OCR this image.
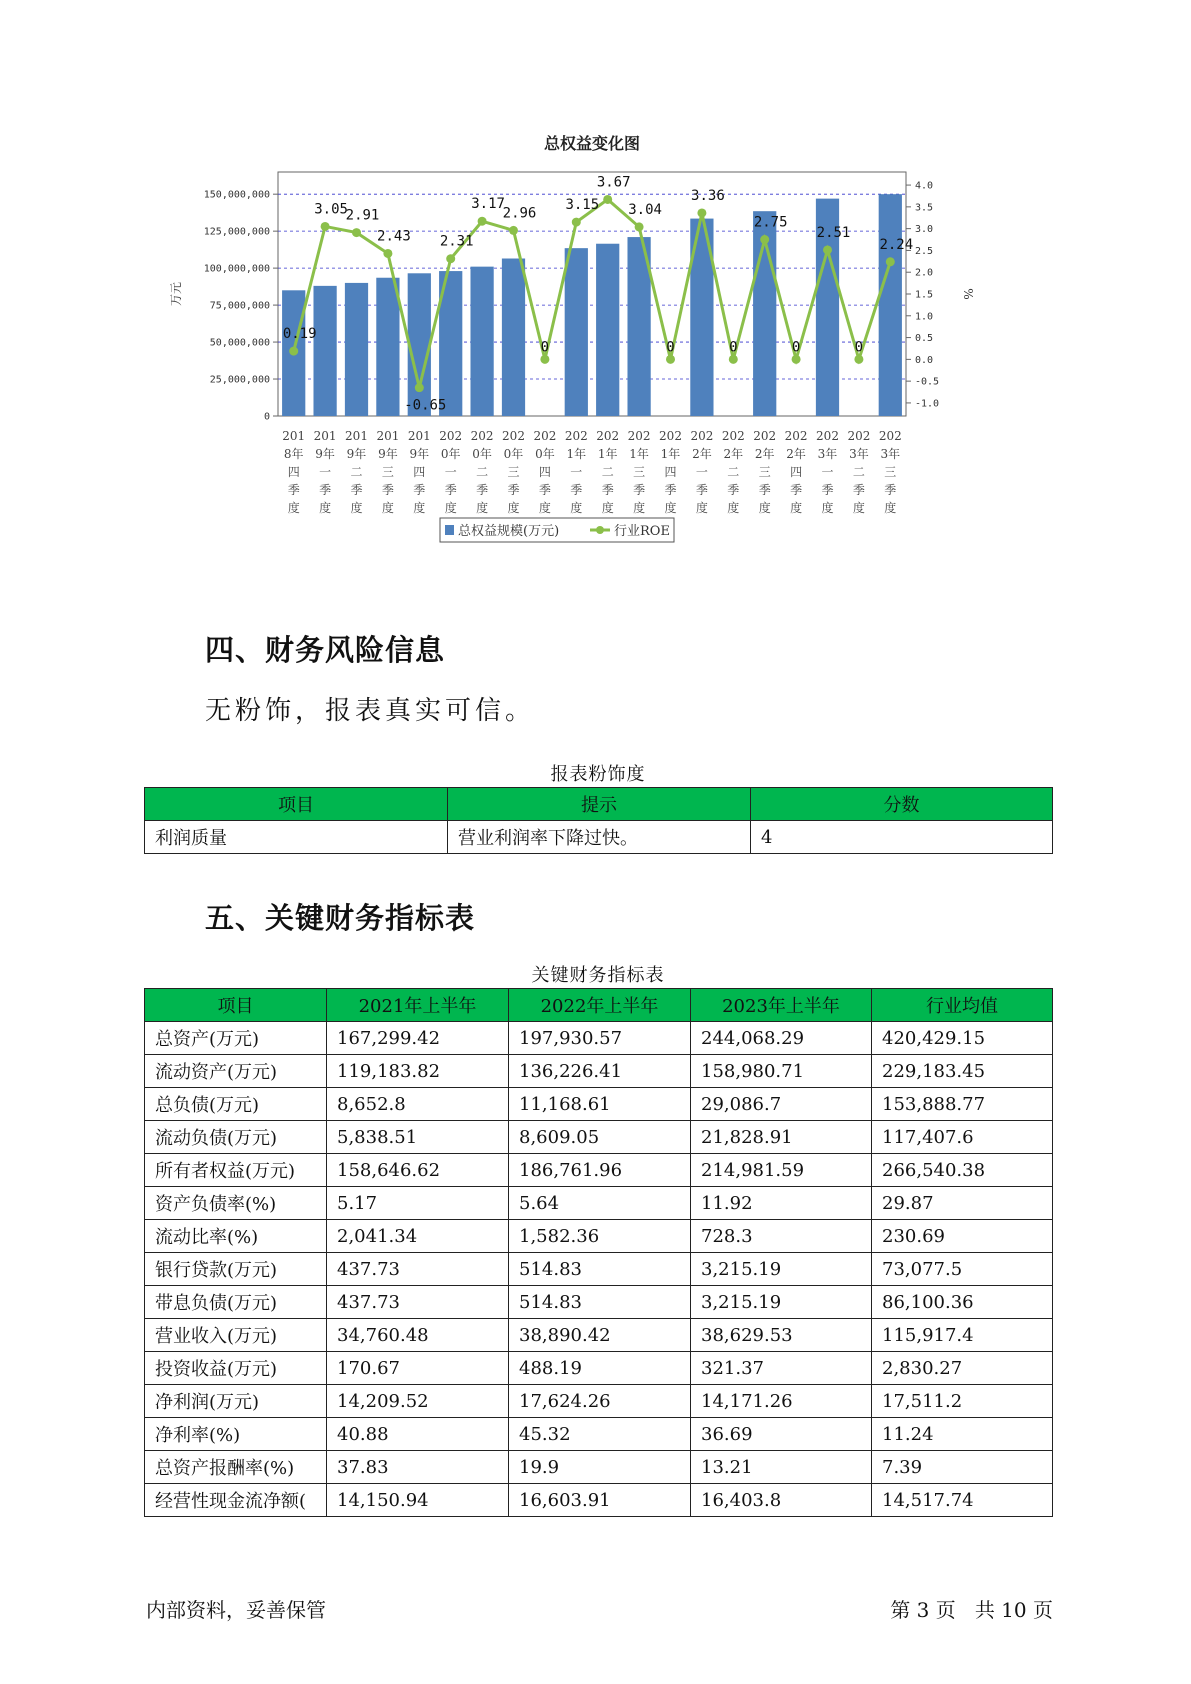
总权益变化图
0
25,000,000
50,000,000
75,000,000
100,000,000
125,000,000
150,000,000
-1.0
-0.5
0.0
0.5
1.0
1.5
2.0
2.5
3.0
3.5
4.0
万元	%
0.19
3.05
2.91
2.43
-0.65
2.31
3.17
2.96
0
3.15
3.67
3.04
0
3.36
0
2.75
0
2.51
0
2.24
201
8年
四
季
度
201
9年
一
季
度
201
9年
二
季
度
201
9年
三
季
度
201
9年
四
季
度
202
0年
一
季
度
202
0年
二
季
度
202
0年
三
季
度
202
0年
四
季
度
202
1年
一
季
度
202
1年
二
季
度
202
1年
三
季
度
202
1年
四
季
度
202
2年
一
季
度
202
2年
二
季
度
202
2年
三
季
度
202
2年
四
季
度
202
3年
一
季
度
202
3年
二
季
度
202
3年
三
季
度
总权益规模(万元)	行业ROE
四、财务风险信息
无粉饰，报表真实可信。
报表粉饰度
项目	提示	分数
利润质量	营业利润率下降过快。	4
五、关键财务指标表
关键财务指标表
项目	2021年上半年	2022年上半年	2023年上半年	行业均值
总资产(万元)	167,299.42	197,930.57	244,068.29	420,429.15
流动资产(万元)	119,183.82	136,226.41	158,980.71	229,183.45
总负债(万元)	8,652.8	11,168.61	29,086.7	153,888.77
流动负债(万元)	5,838.51	8,609.05	21,828.91	117,407.6
所有者权益(万元)	158,646.62	186,761.96	214,981.59	266,540.38
资产负债率(%)	5.17	5.64	11.92	29.87
流动比率(%)	2,041.34	1,582.36	728.3	230.69
银行贷款(万元)	437.73	514.83	3,215.19	73,077.5
带息负债(万元)	437.73	514.83	3,215.19	86,100.36
营业收入(万元)	34,760.48	38,890.42	38,629.53	115,917.4
投资收益(万元)	170.67	488.19	321.37	2,830.27
净利润(万元)	14,209.52	17,624.26	14,171.26	17,511.2
净利率(%)	40.88	45.32	36.69	11.24
总资产报酬率(%)	37.83	19.9	13.21	7.39
经营性现金流净额(	14,150.94	16,603.91	16,403.8	14,517.74
内部资料，妥善保管	第 3 页   共 10 页
